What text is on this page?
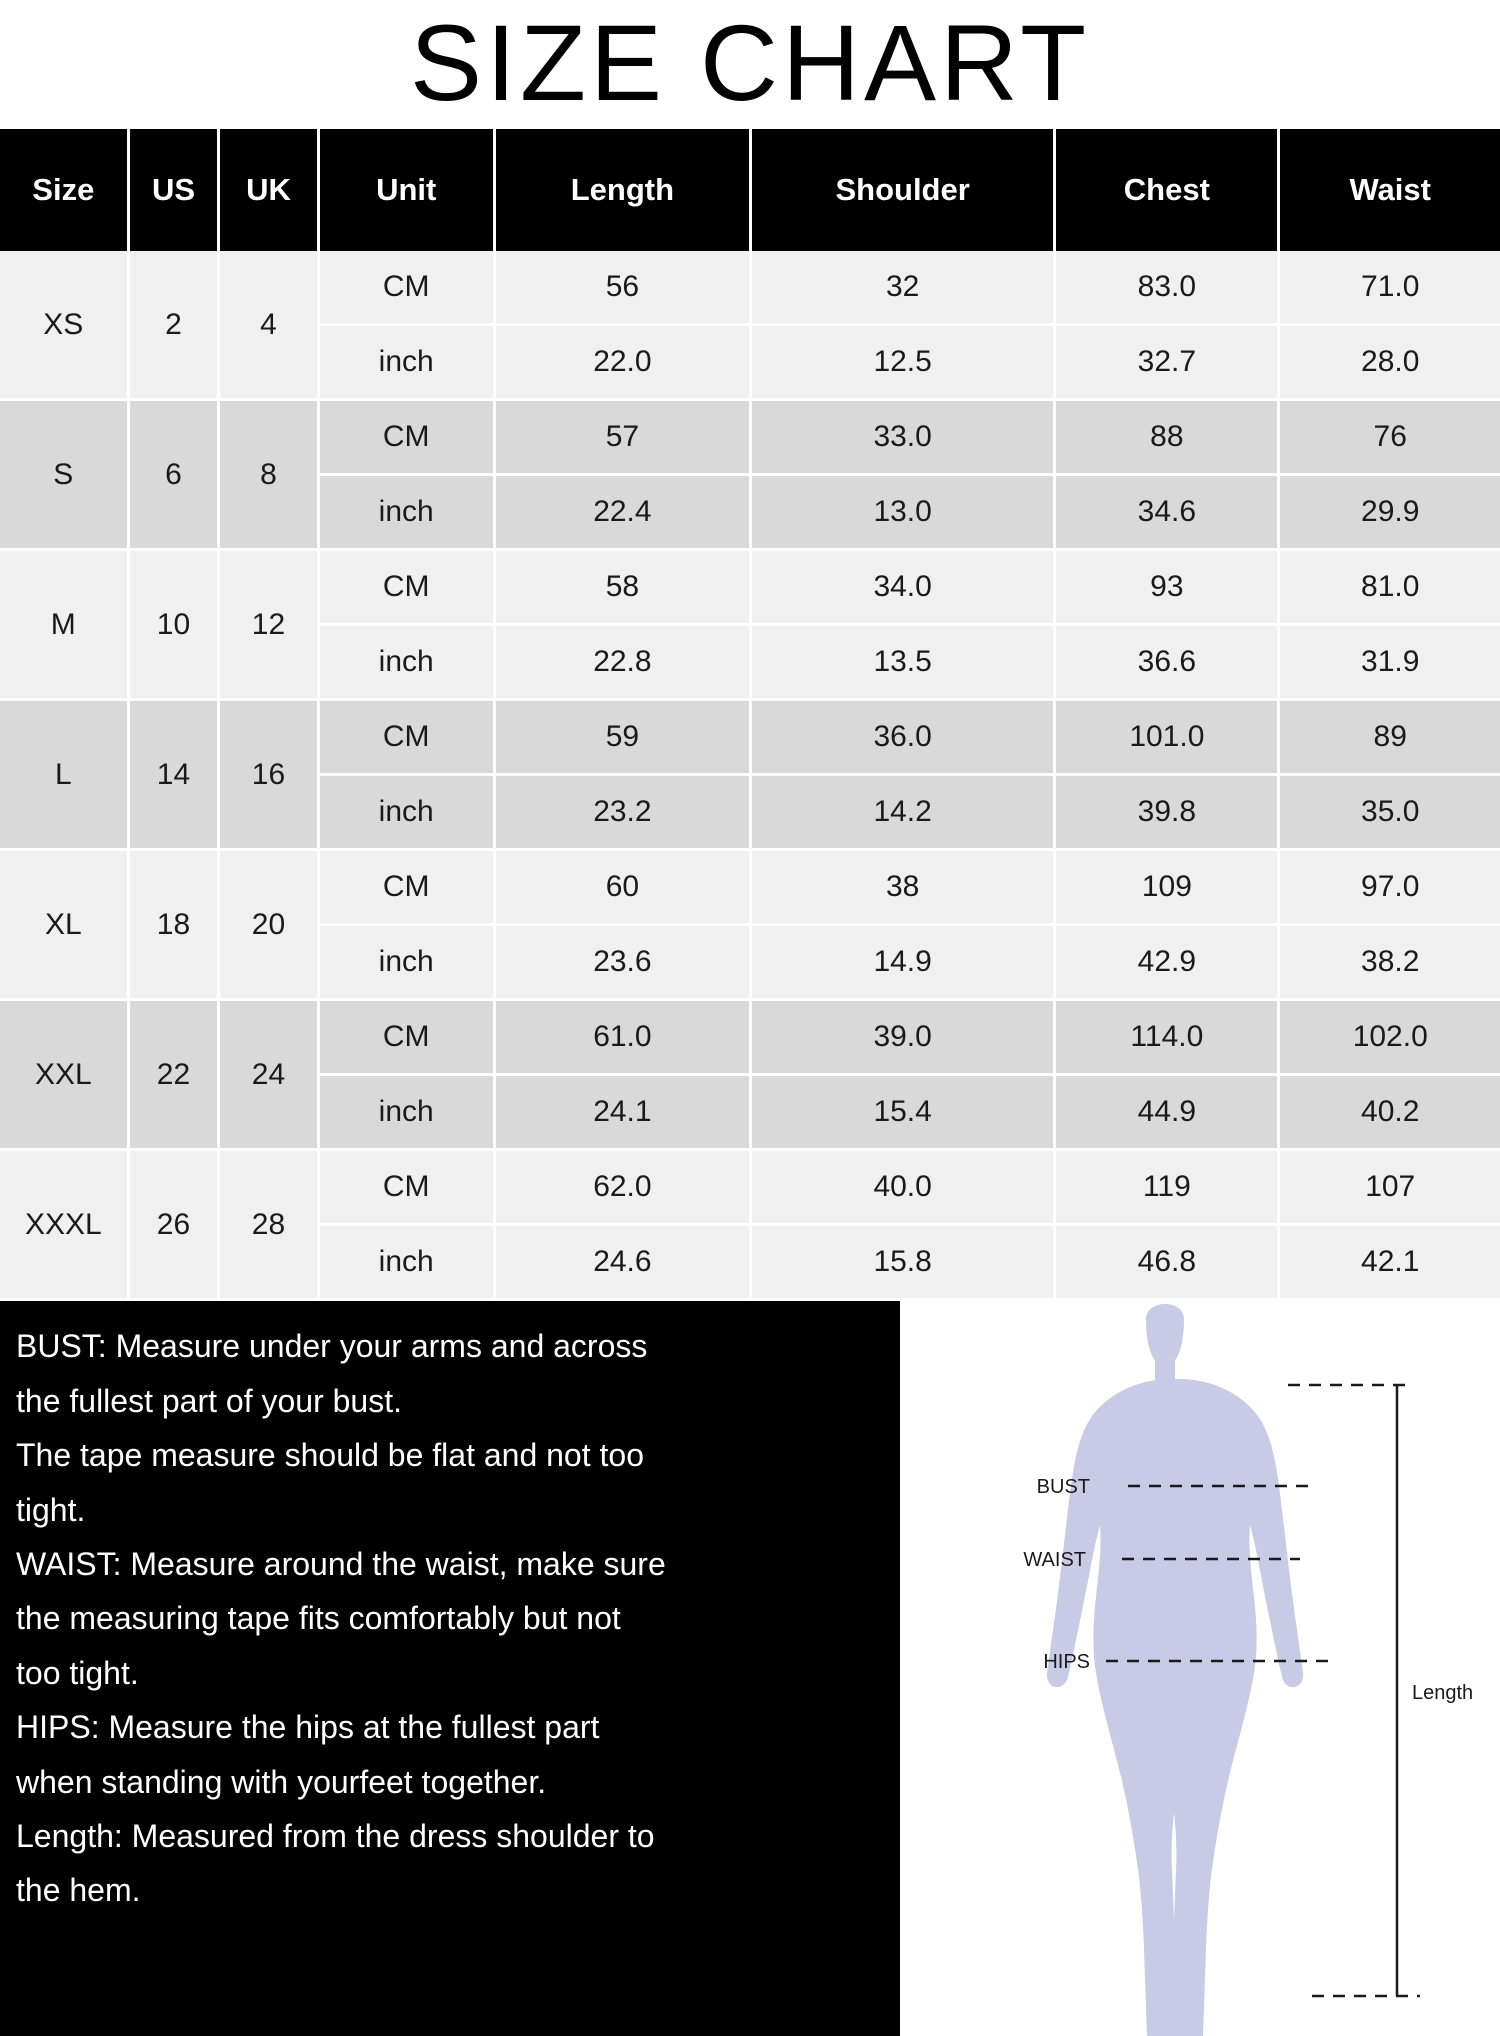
SIZE CHART
Size	US	UK	Unit	Length	Shoulder	Chest	Waist
XS	2	4	CM	56	32	83.0	71.0
			inch	22.0	12.5	32.7	28.0
S	6	8	CM	57	33.0	88	76
			inch	22.4	13.0	34.6	29.9
M	10	12	CM	58	34.0	93	81.0
			inch	22.8	13.5	36.6	31.9
L	14	16	CM	59	36.0	101.0	89
			inch	23.2	14.2	39.8	35.0
XL	18	20	CM	60	38	109	97.0
			inch	23.6	14.9	42.9	38.2
XXL	22	24	CM	61.0	39.0	114.0	102.0
			inch	24.1	15.4	44.9	40.2
XXXL	26	28	CM	62.0	40.0	119	107
			inch	24.6	15.8	46.8	42.1

BUST: Measure under your arms and across

the fullest part of your bust.

The tape measure should be flat and not too

tight.

WAIST: Measure around the waist, make sure

the measuring tape fits comfortably but not

too tight.

HIPS: Measure the hips at the fullest part

when standing with yourfeet together.

Length: Measured from the dress shoulder to

the hem.

BUST
WAIST
HIPS
Length
